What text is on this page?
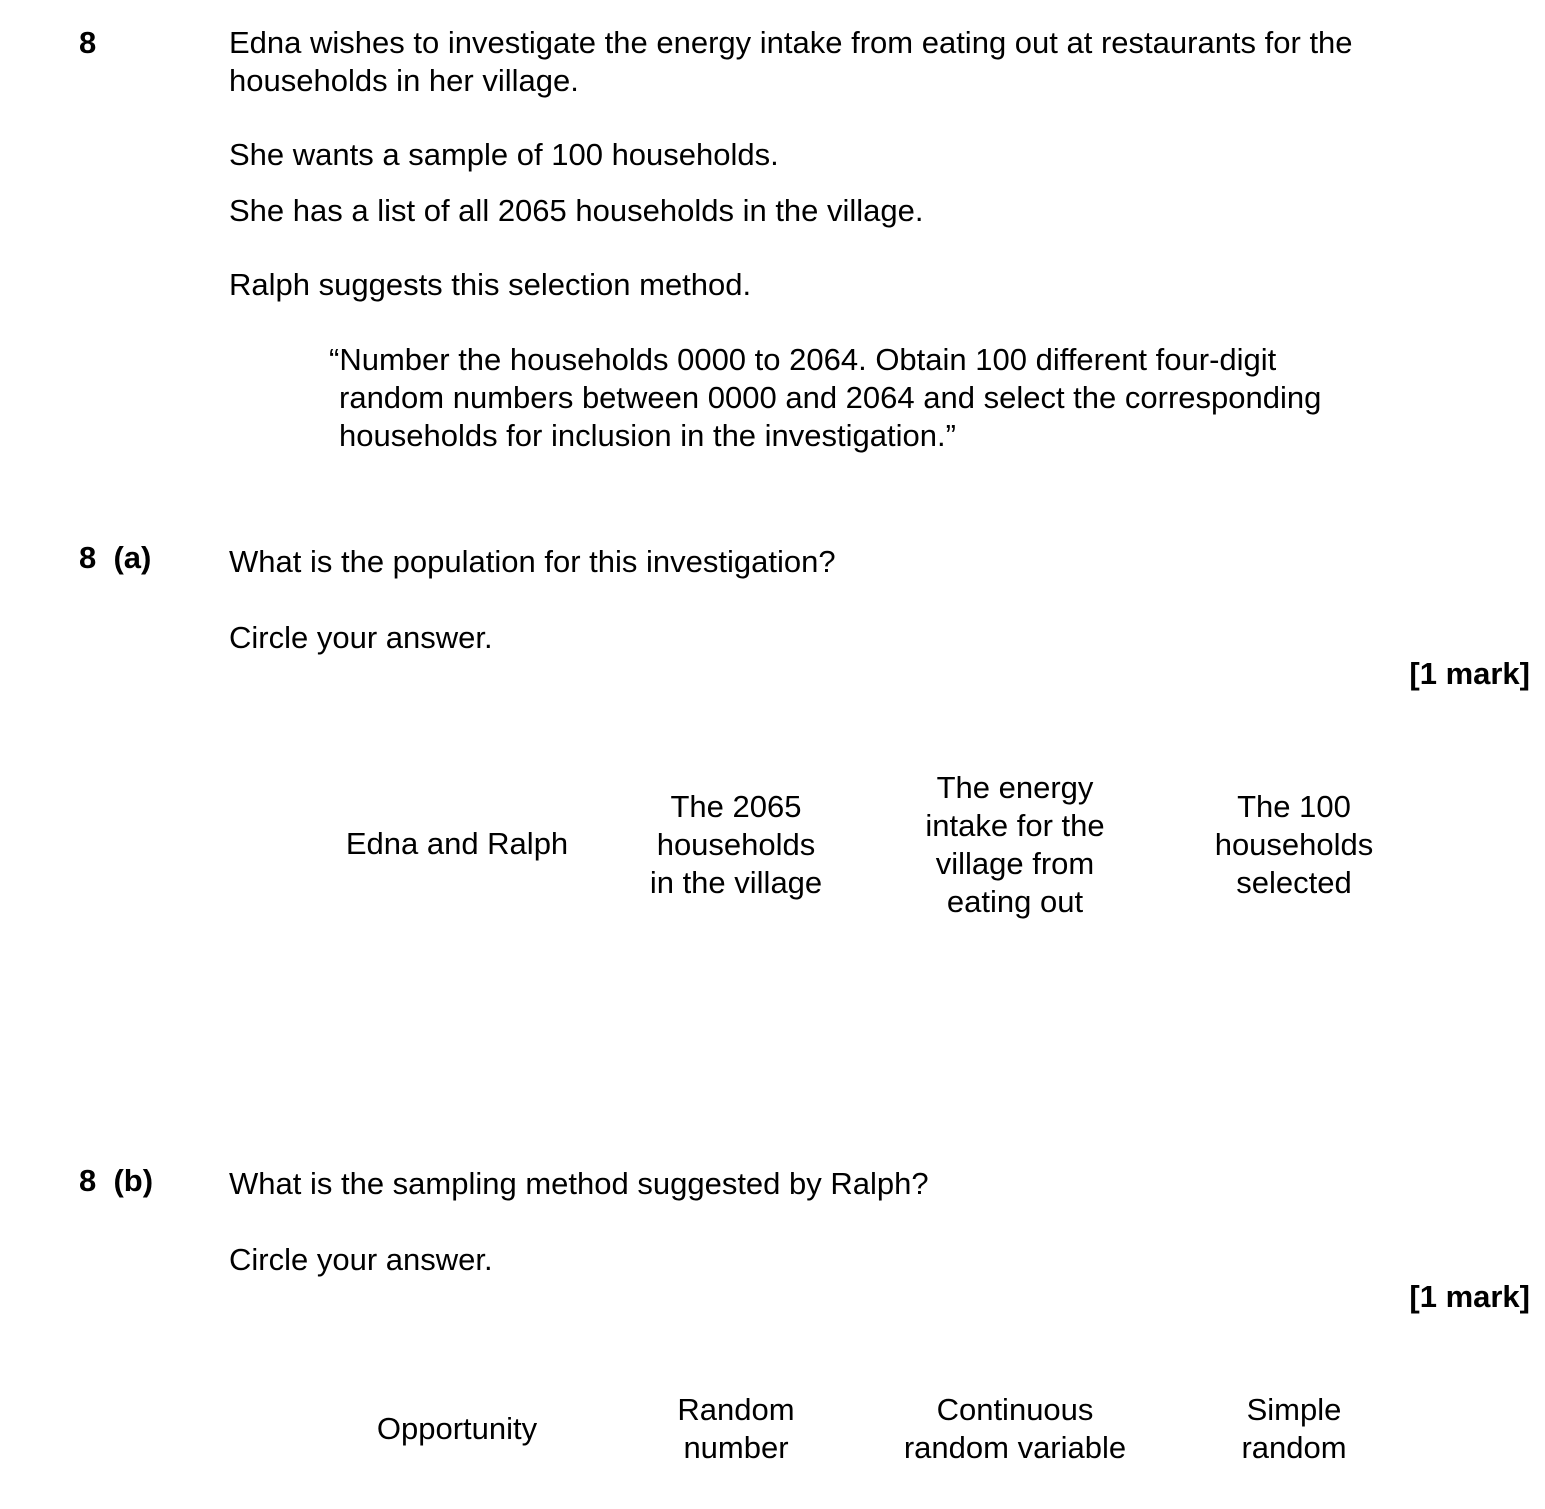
8	Edna wishes to investigate the energy intake from eating out at restaurants for the
households in her village.
She wants a sample of 100 households.
She has a list of all 2065 households in the village.
Ralph suggests this selection method.
“Number the households 0000 to 2064. Obtain 100 different four-digit
random numbers between 0000 and 2064 and select the corresponding
households for inclusion in the investigation.”
8 (a)	What is the population for this investigation?
Circle your answer.
[1 mark]
Edna and Ralph
The 2065
households
in the village
The energy
intake for the
village from
eating out
The 100
households
selected
8 (b) What is the sampling method suggested by Ralph?
Circle your answer.
[1 mark]
Opportunity
Random
number
Continuous
random variable
Simple
random
